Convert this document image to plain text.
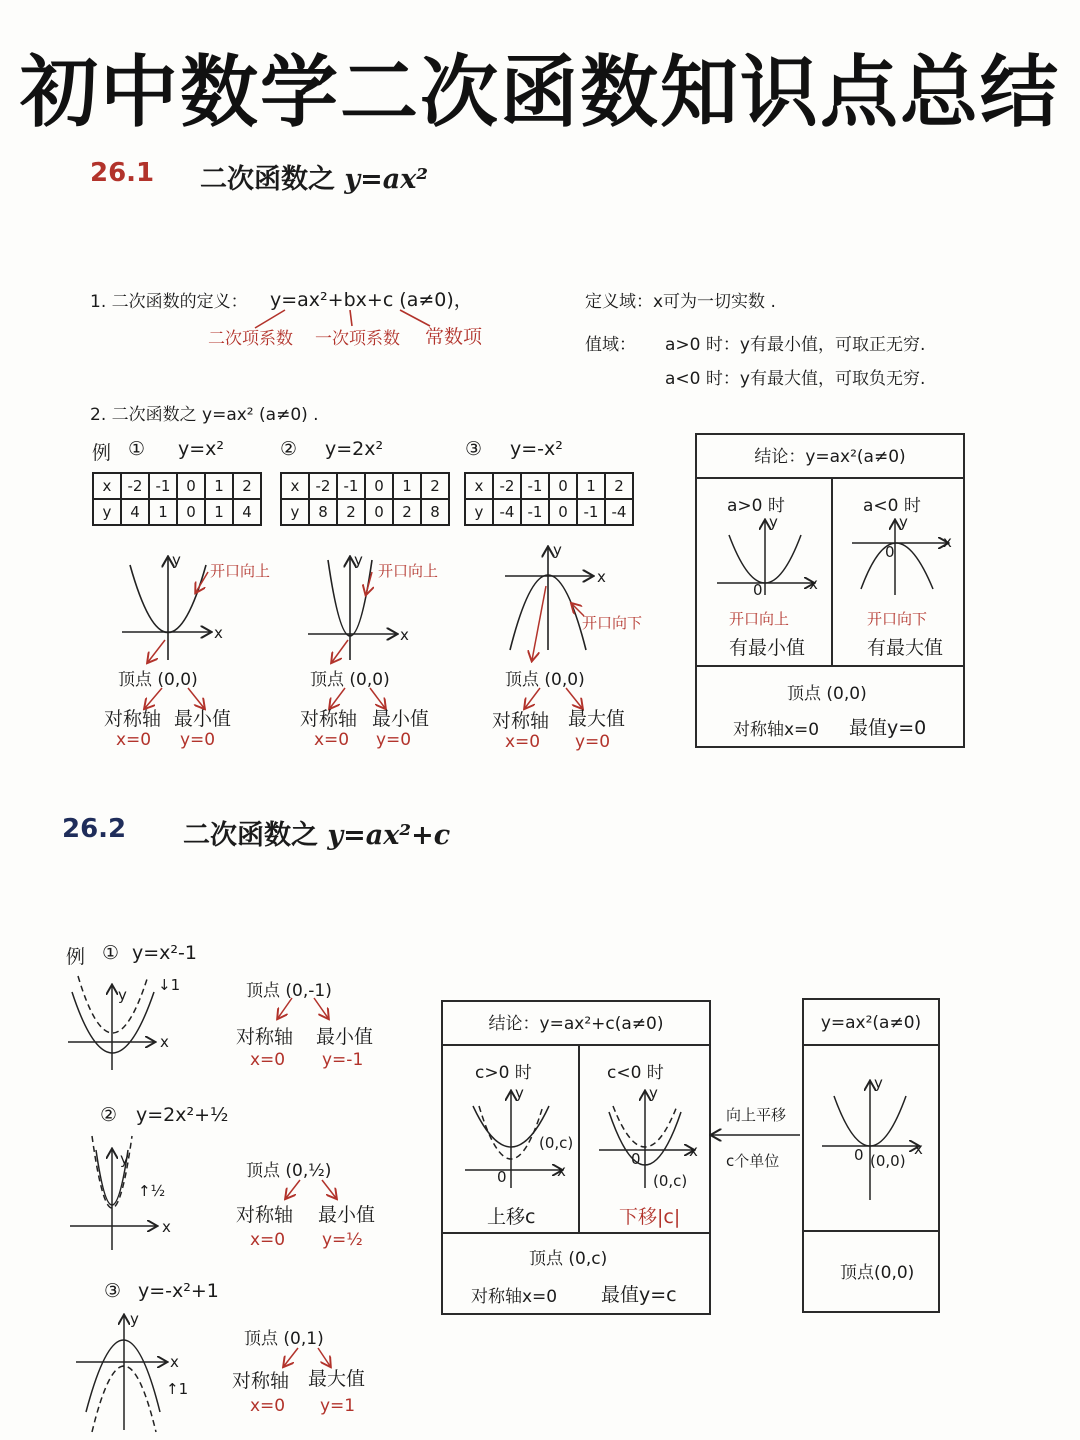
初中数学二次函数知识点总结
26.1 二次函数之 y=ax²
1. 二次函数的定义： y=ax²+bx+c (a≠0)，
二次项系数 一次项系数 常数项
定义域：x可为一切实数 .
值域： a>0 时：y有最小值，可取正无穷.
a<0 时：y有最大值，可取负无穷.
2. 二次函数之 y=ax² (a≠0) .
例 ① y=x²	② y=2x²	③ y=-x²
x	-2	-1	0	1	2
y	4	1	0	1	4
x	-2	-1	0	1	2
y	8	2	0	2	8
x	-2	-1	0	1	2
y	-4	-1	0	-1	-4
y
x
y
x
y
x
开口向上	开口向上
开口向下
顶点 (0,0)
对称轴 最小值
x=0 y=0
顶点 (0,0)
对称轴 最小值
x=0 y=0
顶点 (0,0)
对称轴 最大值
x=0 y=0
结论：y=ax²(a≠0)
a>0 时	a<0 时
y
x
0
y
x
0
开口向上
有最小值
开口向下
有最大值
顶点 (0,0)
对称轴x=0 最值y=0
26.2 二次函数之 y=ax²+c
例 ① y=x²-1
② y=2x²+½
③ y=-x²+1
y
x
↓1
y
x
↑½
y
x
↑1
顶点 (0,-1)
对称轴 最小值
x=0 y=-1
顶点 (0,½)
对称轴 最小值
x=0 y=½
顶点 (0,1)
对称轴 最大值
x=0 y=1
结论：y=ax²+c(a≠0)
c>0 时	c<0 时
y
x
0
(0,c)
y
x
0
(0,c)
上移c	下移|c|
顶点 (0,c)
对称轴x=0 最值y=c
向上平移
c个单位
y=ax²(a≠0)
y
x
0 (0,0)
顶点(0,0)
